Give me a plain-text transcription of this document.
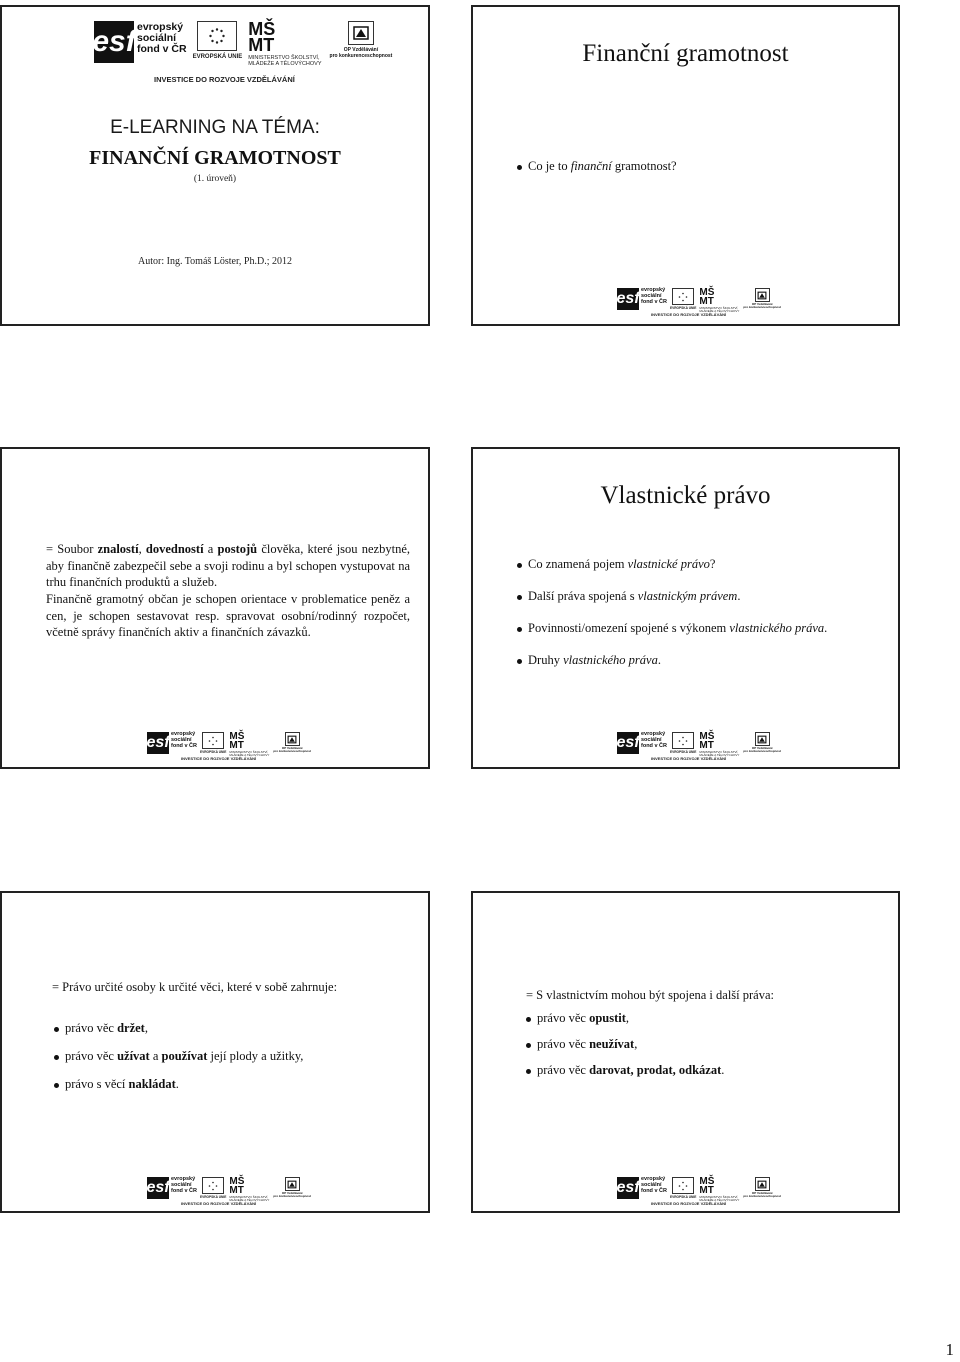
esf evropský
sociální
fond v ČR
EVROPSKÁ UNIE
MŠ
MT
MINISTERSTVO ŠKOLSTVÍ,
MLÁDEŽE A TĚLOVÝCHOVY
OP Vzdělávání
pro konkurenceschopnost
INVESTICE DO ROZVOJE VZDĚLÁVÁNÍ
E-LEARNING NA TÉMA:
FINANČNÍ GRAMOTNOST
(1. úroveň)
Autor: Ing. Tomáš Löster, Ph.D.; 2012
Finanční gramotnost
Co je to finanční gramotnost?
esf evropský
sociální
fond v ČR
EVROPSKÁ UNIE
MŠ
MT
MINISTERSTVO ŠKOLSTVÍ,
MLÁDEŽE A TĚLOVÝCHOVY
OP Vzdělávání
pro konkurenceschopnost
INVESTICE DO ROZVOJE VZDĚLÁVÁNÍ
= Soubor znalostí, dovedností a postojů člověka, které jsou nezbytné, aby finančně zabezpečil sebe a svoji rodinu a byl schopen vystupovat na trhu finančních produktů a služeb.
Finančně gramotný občan je schopen orientace v problematice peněz a cen, je schopen sestavovat resp. spravovat osobní/rodinný rozpočet, včetně správy finančních aktiv a finančních závazků.
esf evropský
sociální
fond v ČR
EVROPSKÁ UNIE
MŠ
MT
MINISTERSTVO ŠKOLSTVÍ,
MLÁDEŽE A TĚLOVÝCHOVY
OP Vzdělávání
pro konkurenceschopnost
INVESTICE DO ROZVOJE VZDĚLÁVÁNÍ
Vlastnické právo
Co znamená pojem vlastnické právo?
Další práva spojená s vlastnickým právem.
Povinnosti/omezení spojené s výkonem vlastnického práva.
Druhy vlastnického práva.
esf evropský
sociální
fond v ČR
EVROPSKÁ UNIE
MŠ
MT
MINISTERSTVO ŠKOLSTVÍ,
MLÁDEŽE A TĚLOVÝCHOVY
OP Vzdělávání
pro konkurenceschopnost
INVESTICE DO ROZVOJE VZDĚLÁVÁNÍ
= Právo určité osoby k určité věci, které v sobě zahrnuje:
právo věc držet,
právo věc užívat a používat její plody a užitky,
právo s věcí nakládat.
esf evropský
sociální
fond v ČR
EVROPSKÁ UNIE
MŠ
MT
MINISTERSTVO ŠKOLSTVÍ,
MLÁDEŽE A TĚLOVÝCHOVY
OP Vzdělávání
pro konkurenceschopnost
INVESTICE DO ROZVOJE VZDĚLÁVÁNÍ
= S vlastnictvím mohou být spojena i další práva:
právo věc opustit,
právo věc neužívat,
právo věc darovat, prodat, odkázat.
esf evropský
sociální
fond v ČR
EVROPSKÁ UNIE
MŠ
MT
MINISTERSTVO ŠKOLSTVÍ,
MLÁDEŽE A TĚLOVÝCHOVY
OP Vzdělávání
pro konkurenceschopnost
INVESTICE DO ROZVOJE VZDĚLÁVÁNÍ
1
